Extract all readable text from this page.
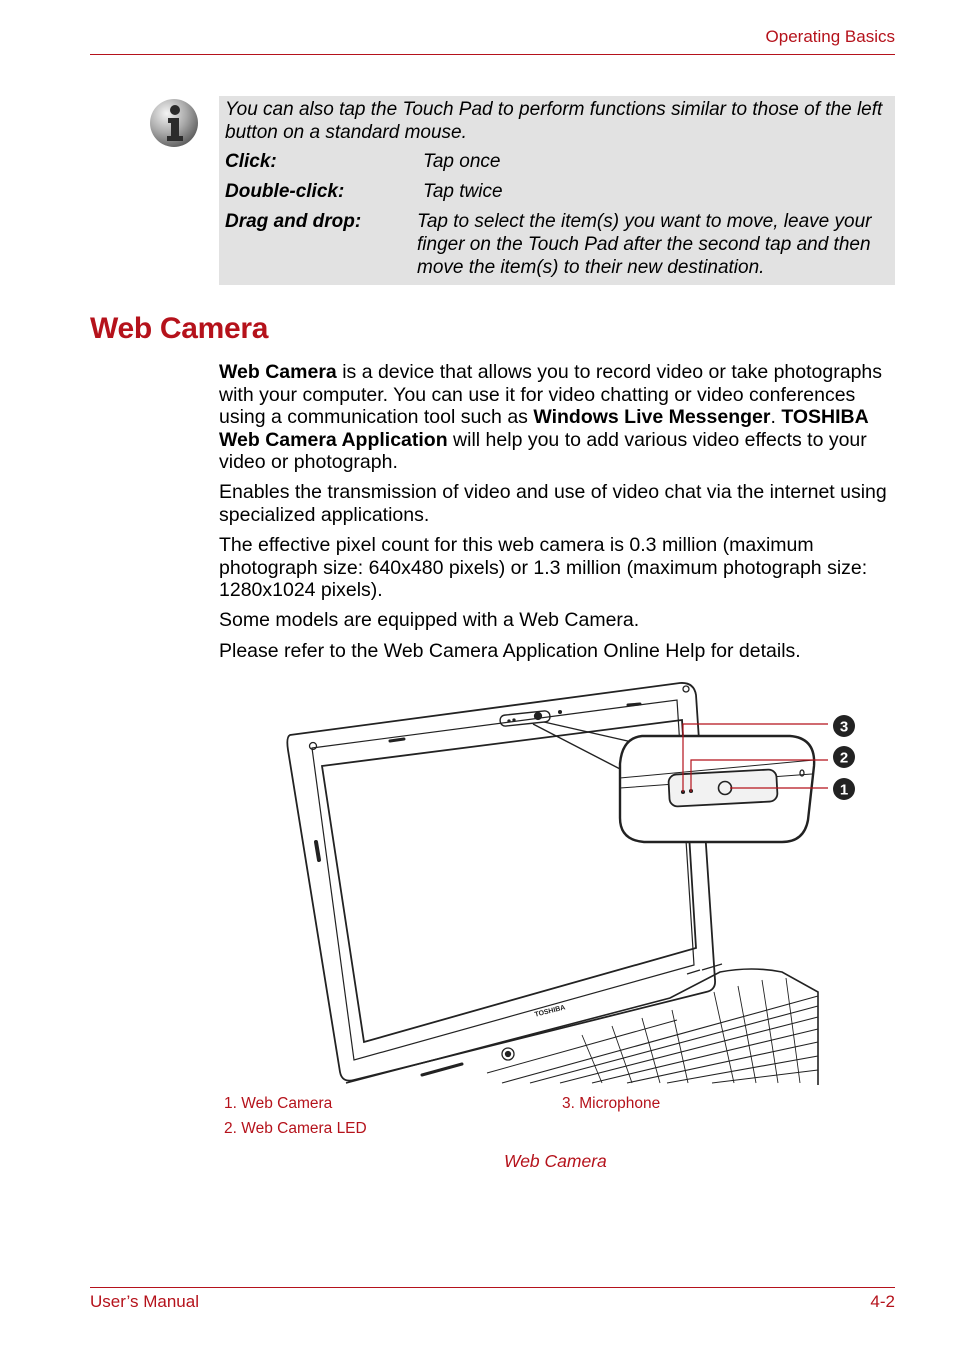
Operating Basics

You can also tap the Touch Pad to perform functions similar to those of the left button on a standard mouse.

Click:	Tap once
Double-click:	Tap twice
Drag and drop:	Tap to select the item(s) you want to move, leave your finger on the Touch Pad after the second tap and then move the item(s) to their new destination.
Web Camera

Web Camera is a device that allows you to record video or take photographs with your computer. You can use it for video chatting or video conferences using a communication tool such as Windows Live Messenger. TOSHIBA Web Camera Application will help you to add various video effects to your video or photograph.

Enables the transmission of video and use of video chat via the internet using specialized applications.

The effective pixel count for this web camera is 0.3 million (maximum photograph size: 640x480 pixels) or 1.3 million (maximum photograph size: 1280x1024 pixels).

Some models are equipped with a Web Camera.

Please refer to the Web Camera Application Online Help for details.

3
2
1
TOSHIBA
1. Web Camera
2. Web Camera LED
3. Microphone
Web Camera
User’s Manual	4-2
